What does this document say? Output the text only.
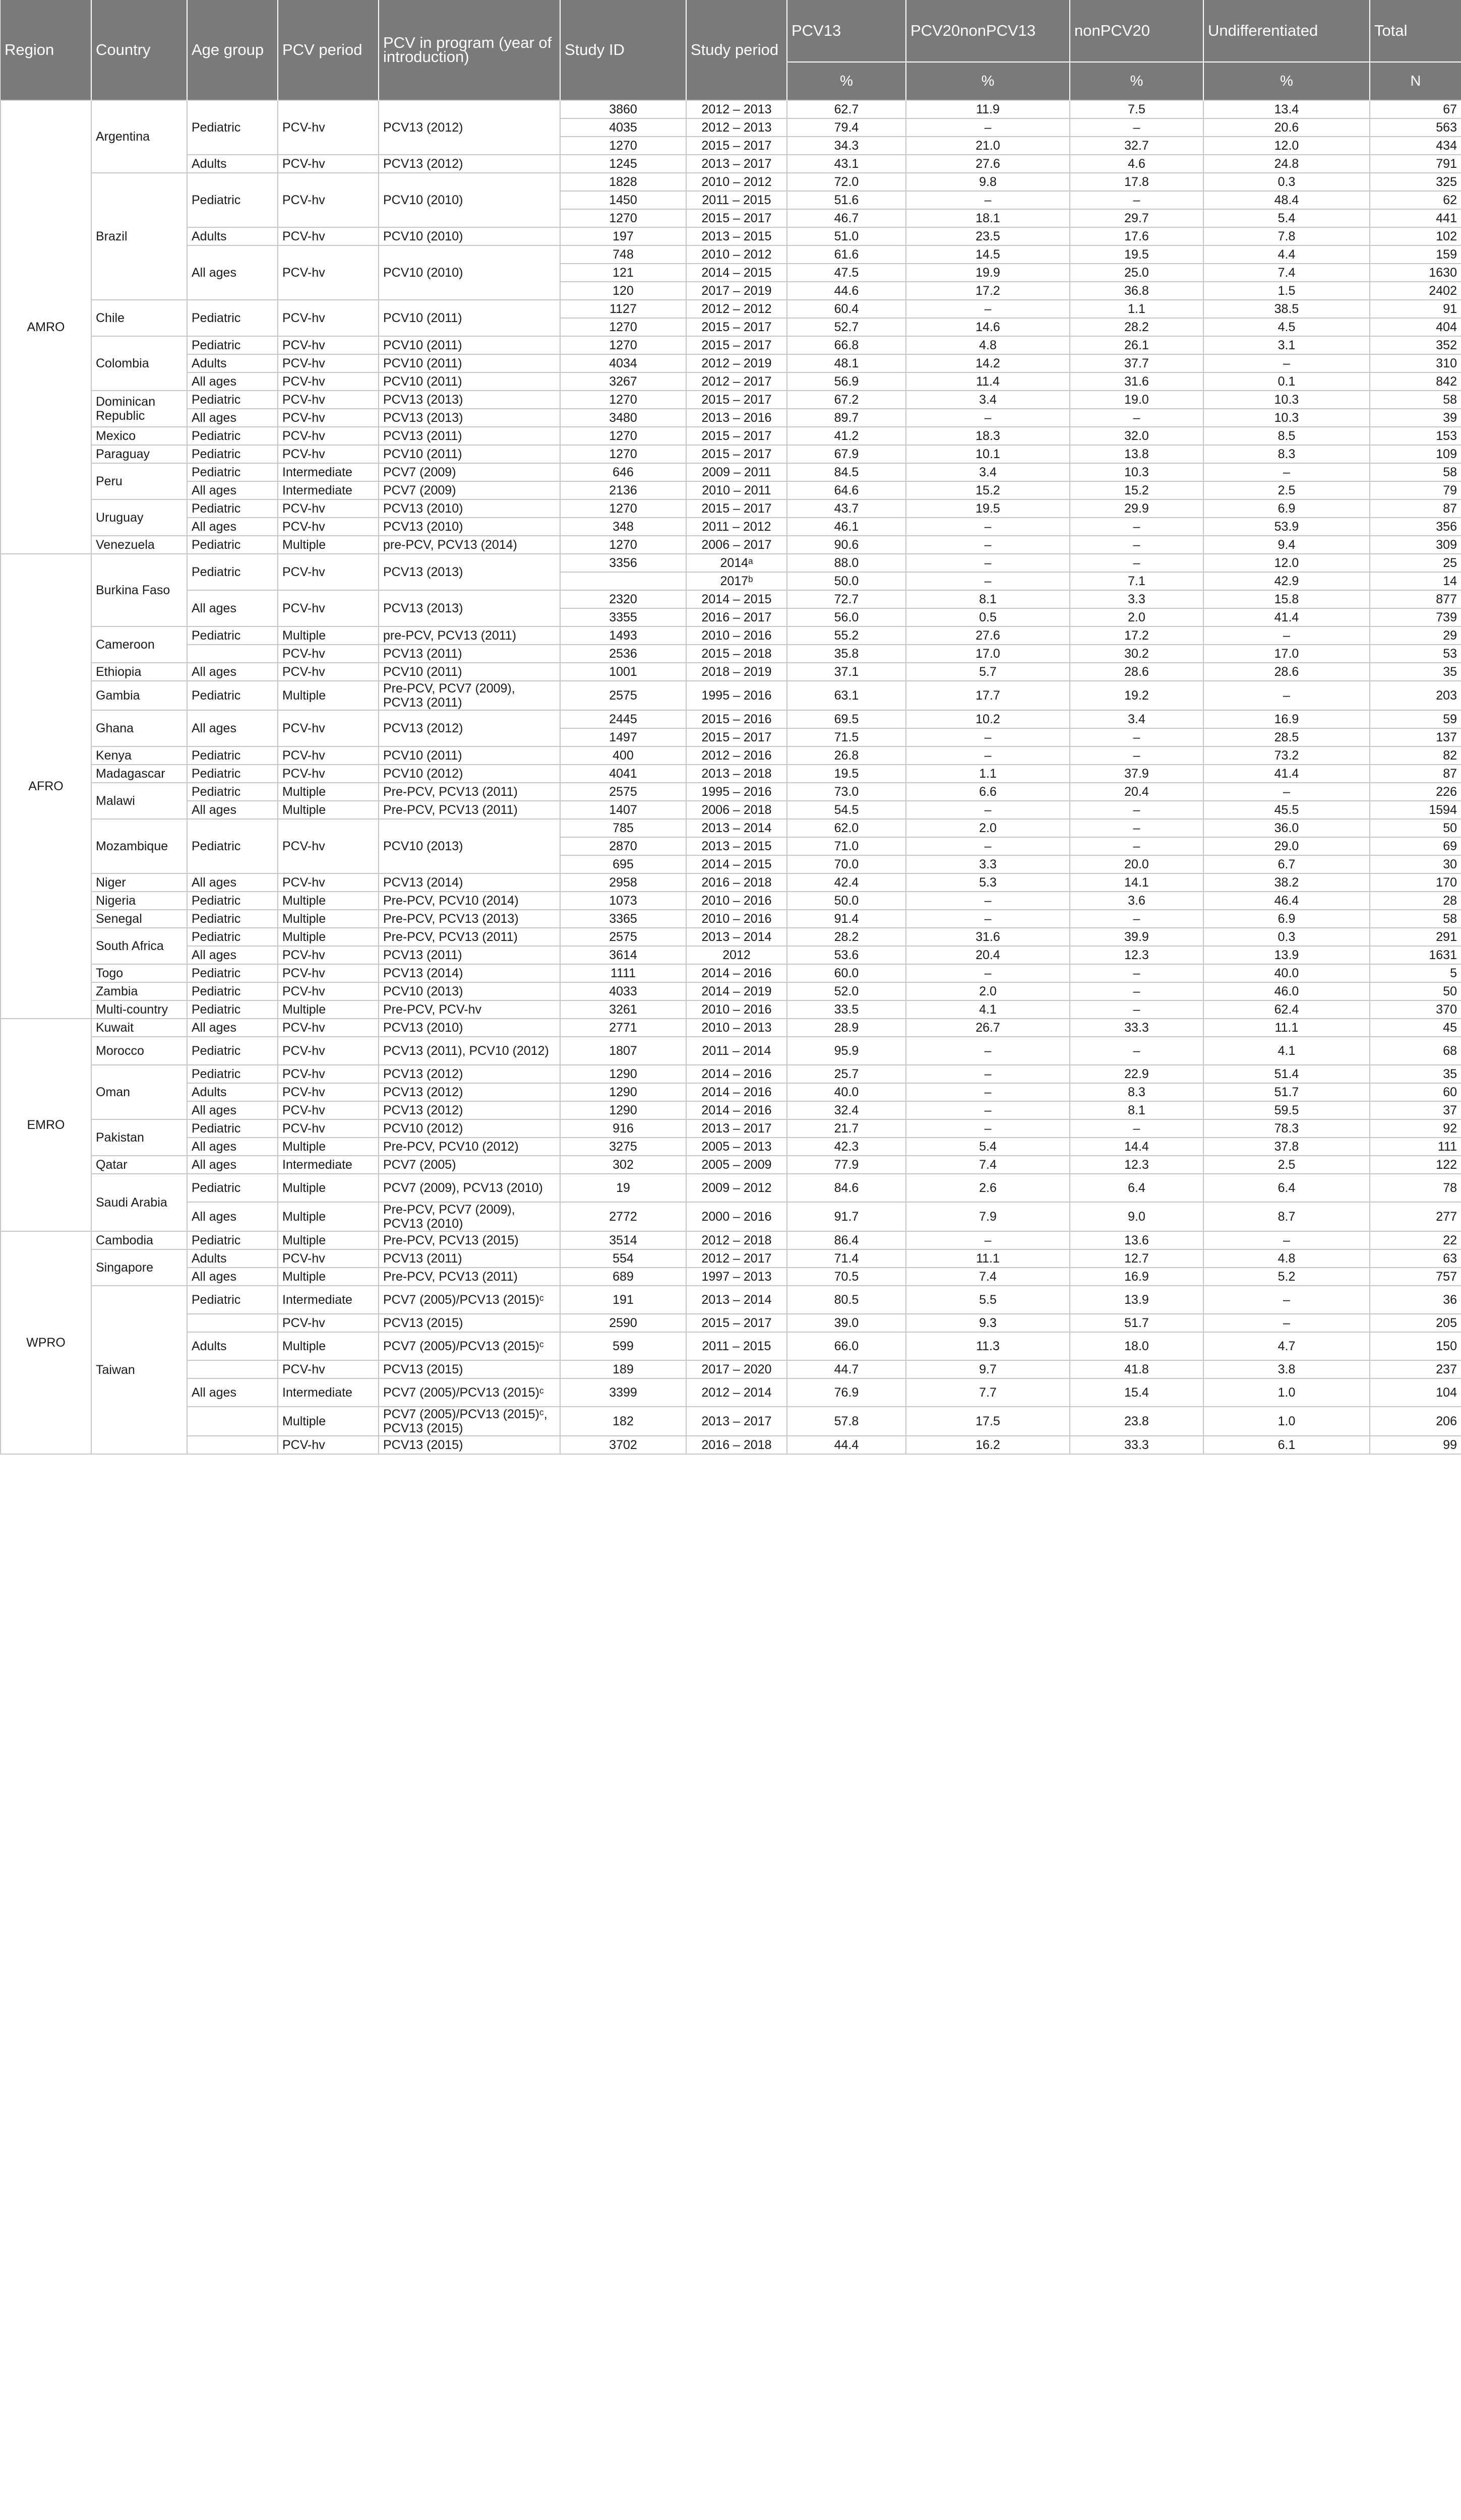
Region	Country	Age group	PCV period	PCV in program (year of introduction)	Study ID	Study period	PCV13	PCV20nonPCV13	nonPCV20	Undifferentiated	Total
							%	%	%	%	N
AMRO	Argentina	Pediatric	PCV-hv	PCV13 (2012)	3860	2012 – 2013	62.7	11.9	7.5	13.4	67
					4035	2012 – 2013	79.4	–	–	20.6	563
					1270	2015 – 2017	34.3	21.0	32.7	12.0	434
		Adults	PCV-hv	PCV13 (2012)	1245	2013 – 2017	43.1	27.6	4.6	24.8	791
	Brazil	Pediatric	PCV-hv	PCV10 (2010)	1828	2010 – 2012	72.0	9.8	17.8	0.3	325
					1450	2011 – 2015	51.6	–	–	48.4	62
					1270	2015 – 2017	46.7	18.1	29.7	5.4	441
		Adults	PCV-hv	PCV10 (2010)	197	2013 – 2015	51.0	23.5	17.6	7.8	102
		All ages	PCV-hv	PCV10 (2010)	748	2010 – 2012	61.6	14.5	19.5	4.4	159
					121	2014 – 2015	47.5	19.9	25.0	7.4	1630
					120	2017 – 2019	44.6	17.2	36.8	1.5	2402
	Chile	Pediatric	PCV-hv	PCV10 (2011)	1127	2012 – 2012	60.4	–	1.1	38.5	91
					1270	2015 – 2017	52.7	14.6	28.2	4.5	404
	Colombia	Pediatric	PCV-hv	PCV10 (2011)	1270	2015 – 2017	66.8	4.8	26.1	3.1	352
		Adults	PCV-hv	PCV10 (2011)	4034	2012 – 2019	48.1	14.2	37.7	–	310
		All ages	PCV-hv	PCV10 (2011)	3267	2012 – 2017	56.9	11.4	31.6	0.1	842
	Dominican Republic	Pediatric	PCV-hv	PCV13 (2013)	1270	2015 – 2017	67.2	3.4	19.0	10.3	58
		All ages	PCV-hv	PCV13 (2013)	3480	2013 – 2016	89.7	–	–	10.3	39
	Mexico	Pediatric	PCV-hv	PCV13 (2011)	1270	2015 – 2017	41.2	18.3	32.0	8.5	153
	Paraguay	Pediatric	PCV-hv	PCV10 (2011)	1270	2015 – 2017	67.9	10.1	13.8	8.3	109
	Peru	Pediatric	Intermediate	PCV7 (2009)	646	2009 – 2011	84.5	3.4	10.3	–	58
		All ages	Intermediate	PCV7 (2009)	2136	2010 – 2011	64.6	15.2	15.2	2.5	79
	Uruguay	Pediatric	PCV-hv	PCV13 (2010)	1270	2015 – 2017	43.7	19.5	29.9	6.9	87
		All ages	PCV-hv	PCV13 (2010)	348	2011 – 2012	46.1	–	–	53.9	356
	Venezuela	Pediatric	Multiple	pre-PCV, PCV13 (2014)	1270	2006 – 2017	90.6	–	–	9.4	309
AFRO	Burkina Faso	Pediatric	PCV-hv	PCV13 (2013)	3356	2014ᵃ	88.0	–	–	12.0	25
						2017ᵇ	50.0	–	7.1	42.9	14
		All ages	PCV-hv	PCV13 (2013)	2320	2014 – 2015	72.7	8.1	3.3	15.8	877
					3355	2016 – 2017	56.0	0.5	2.0	41.4	739
	Cameroon	Pediatric	Multiple	pre-PCV, PCV13 (2011)	1493	2010 – 2016	55.2	27.6	17.2	–	29
			PCV-hv	PCV13 (2011)	2536	2015 – 2018	35.8	17.0	30.2	17.0	53
	Ethiopia	All ages	PCV-hv	PCV10 (2011)	1001	2018 – 2019	37.1	5.7	28.6	28.6	35
	Gambia	Pediatric	Multiple	Pre-PCV, PCV7 (2009), PCV13 (2011)	2575	1995 – 2016	63.1	17.7	19.2	–	203
	Ghana	All ages	PCV-hv	PCV13 (2012)	2445	2015 – 2016	69.5	10.2	3.4	16.9	59
					1497	2015 – 2017	71.5	–	–	28.5	137
	Kenya	Pediatric	PCV-hv	PCV10 (2011)	400	2012 – 2016	26.8	–	–	73.2	82
	Madagascar	Pediatric	PCV-hv	PCV10 (2012)	4041	2013 – 2018	19.5	1.1	37.9	41.4	87
	Malawi	Pediatric	Multiple	Pre-PCV, PCV13 (2011)	2575	1995 – 2016	73.0	6.6	20.4	–	226
		All ages	Multiple	Pre-PCV, PCV13 (2011)	1407	2006 – 2018	54.5	–	–	45.5	1594
	Mozambique	Pediatric	PCV-hv	PCV10 (2013)	785	2013 – 2014	62.0	2.0	–	36.0	50
					2870	2013 – 2015	71.0	–	–	29.0	69
					695	2014 – 2015	70.0	3.3	20.0	6.7	30
	Niger	All ages	PCV-hv	PCV13 (2014)	2958	2016 – 2018	42.4	5.3	14.1	38.2	170
	Nigeria	Pediatric	Multiple	Pre-PCV, PCV10 (2014)	1073	2010 – 2016	50.0	–	3.6	46.4	28
	Senegal	Pediatric	Multiple	Pre-PCV, PCV13 (2013)	3365	2010 – 2016	91.4	–	–	6.9	58
	South Africa	Pediatric	Multiple	Pre-PCV, PCV13 (2011)	2575	2013 – 2014	28.2	31.6	39.9	0.3	291
		All ages	PCV-hv	PCV13 (2011)	3614	2012	53.6	20.4	12.3	13.9	1631
	Togo	Pediatric	PCV-hv	PCV13 (2014)	1111	2014 – 2016	60.0	–	–	40.0	5
	Zambia	Pediatric	PCV-hv	PCV10 (2013)	4033	2014 – 2019	52.0	2.0	–	46.0	50
	Multi-country	Pediatric	Multiple	Pre-PCV, PCV-hv	3261	2010 – 2016	33.5	4.1	–	62.4	370
EMRO	Kuwait	All ages	PCV-hv	PCV13 (2010)	2771	2010 – 2013	28.9	26.7	33.3	11.1	45
	Morocco	Pediatric	PCV-hv	PCV13 (2011), PCV10 (2012)	1807	2011 – 2014	95.9	–	–	4.1	68
	Oman	Pediatric	PCV-hv	PCV13 (2012)	1290	2014 – 2016	25.7	–	22.9	51.4	35
		Adults	PCV-hv	PCV13 (2012)	1290	2014 – 2016	40.0	–	8.3	51.7	60
		All ages	PCV-hv	PCV13 (2012)	1290	2014 – 2016	32.4	–	8.1	59.5	37
	Pakistan	Pediatric	PCV-hv	PCV10 (2012)	916	2013 – 2017	21.7	–	–	78.3	92
		All ages	Multiple	Pre-PCV, PCV10 (2012)	3275	2005 – 2013	42.3	5.4	14.4	37.8	111
	Qatar	All ages	Intermediate	PCV7 (2005)	302	2005 – 2009	77.9	7.4	12.3	2.5	122
	Saudi Arabia	Pediatric	Multiple	PCV7 (2009), PCV13 (2010)	19	2009 – 2012	84.6	2.6	6.4	6.4	78
		All ages	Multiple	Pre-PCV, PCV7 (2009), PCV13 (2010)	2772	2000 – 2016	91.7	7.9	9.0	8.7	277
WPRO	Cambodia	Pediatric	Multiple	Pre-PCV, PCV13 (2015)	3514	2012 – 2018	86.4	–	13.6	–	22
	Singapore	Adults	PCV-hv	PCV13 (2011)	554	2012 – 2017	71.4	11.1	12.7	4.8	63
		All ages	Multiple	Pre-PCV, PCV13 (2011)	689	1997 – 2013	70.5	7.4	16.9	5.2	757
	Taiwan	Pediatric	Intermediate	PCV7 (2005)/PCV13 (2015)ᶜ	191	2013 – 2014	80.5	5.5	13.9	–	36
			PCV-hv	PCV13 (2015)	2590	2015 – 2017	39.0	9.3	51.7	–	205
		Adults	Multiple	PCV7 (2005)/PCV13 (2015)ᶜ	599	2011 – 2015	66.0	11.3	18.0	4.7	150
			PCV-hv	PCV13 (2015)	189	2017 – 2020	44.7	9.7	41.8	3.8	237
		All ages	Intermediate	PCV7 (2005)/PCV13 (2015)ᶜ	3399	2012 – 2014	76.9	7.7	15.4	1.0	104
			Multiple	PCV7 (2005)/PCV13 (2015)ᶜ, PCV13 (2015)	182	2013 – 2017	57.8	17.5	23.8	1.0	206
			PCV-hv	PCV13 (2015)	3702	2016 – 2018	44.4	16.2	33.3	6.1	99
